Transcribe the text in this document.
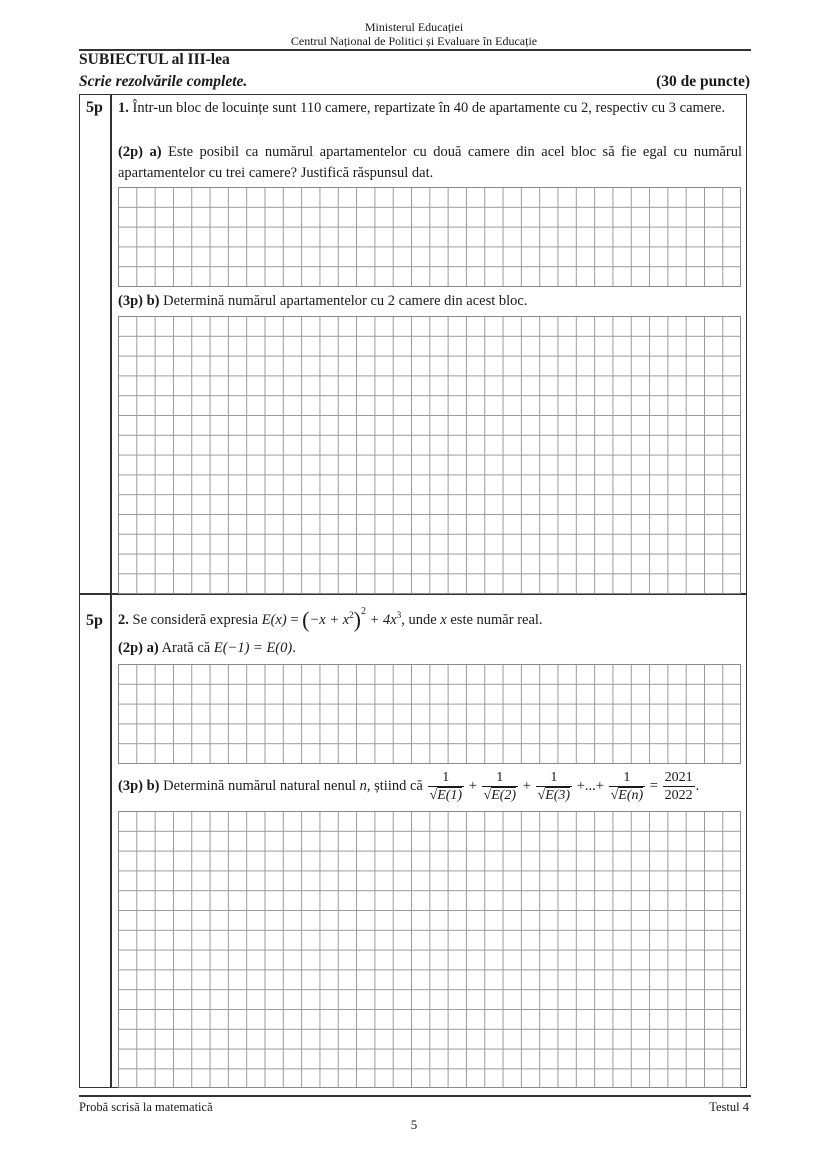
Ministerul Educației
Centrul Național de Politici și Evaluare în Educație
SUBIECTUL al III-lea
Scrie rezolvările complete.	(30 de puncte)
5p	1. Într-un bloc de locuințe sunt 110 camere, repartizate în 40 de apartamente cu 2, respectiv cu 3 camere.
(2p) a) Este posibil ca numărul apartamentelor cu două camere din acel bloc să fie egal cu numărul apartamentelor cu trei camere? Justifică răspunsul dat.
(3p) b) Determină numărul apartamentelor cu 2 camere din acest bloc.
5p	2. Se consideră expresia $E(x) = (-x + x^2)^2 + 4x^3$, unde x este număr real.
(2p) a) Arată că E(−1) = E(0).
(3p) b) Determină numărul natural nenul n, știind că $\frac{1}{√E(1)} + \frac{1}{√E(2)} + \frac{1}{√E(3)}$ +...+ $\frac{1}{√E(n)} = \frac{2021}{2022}$ .
Probă scrisă la matematică	Testul 4
5
